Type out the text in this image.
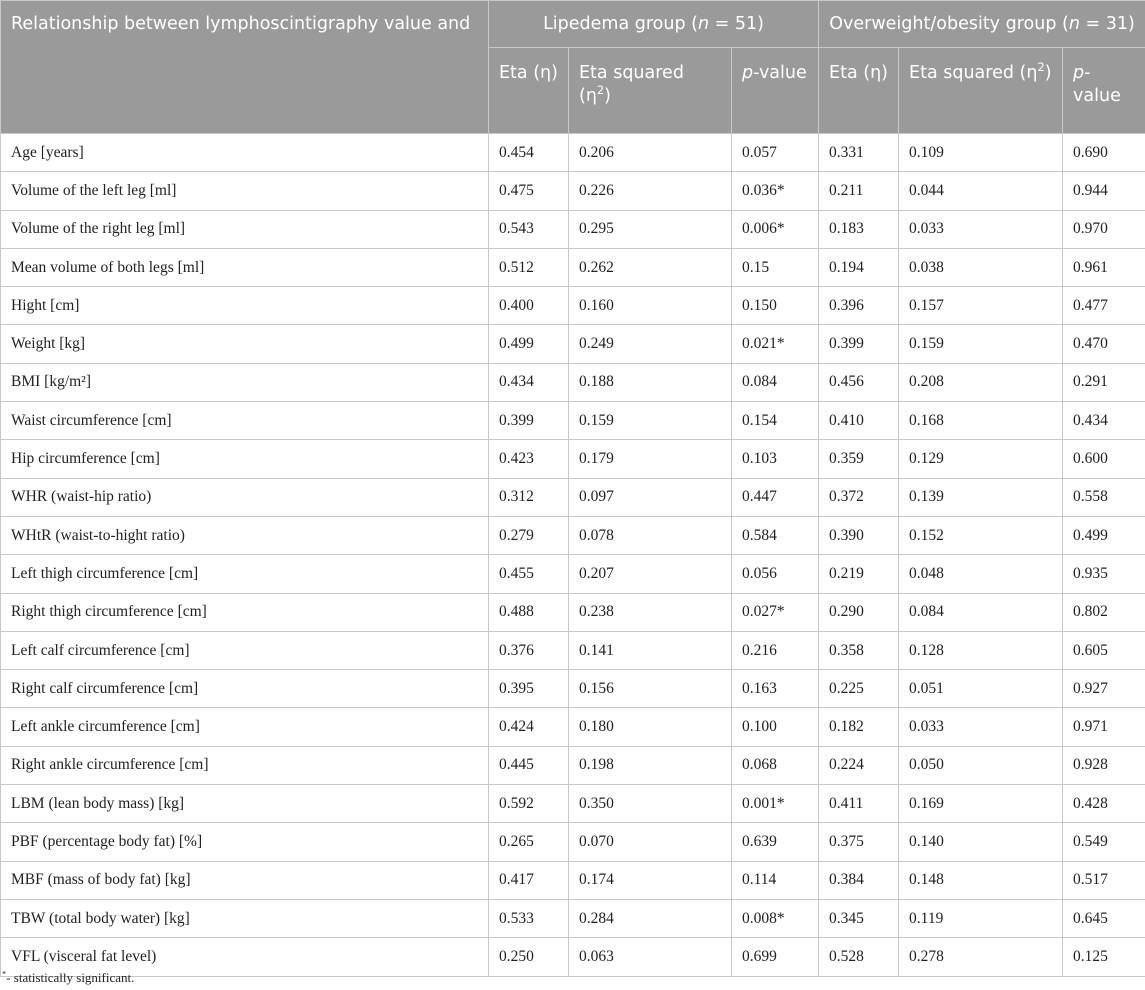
Relationship between lymphoscintigraphy value and	Lipedema group (n = 51)			Overweight/obesity group (n = 31)		
	Eta (η)	Eta squared $(\eta^2)$	p-value	Eta (η)	Eta squared $(\eta^2)$	p-
value
Age [years]	0.454	0.206	0.057	0.331	0.109	0.690
Volume of the left leg [ml]	0.475	0.226	0.036*	0.211	0.044	0.944
Volume of the right leg [ml]	0.543	0.295	0.006*	0.183	0.033	0.970
Mean volume of both legs [ml]	0.512	0.262	0.15	0.194	0.038	0.961
Hight [cm]	0.400	0.160	0.150	0.396	0.157	0.477
Weight [kg]	0.499	0.249	0.021*	0.399	0.159	0.470
BMI [kg/m²]	0.434	0.188	0.084	0.456	0.208	0.291
Waist circumference [cm]	0.399	0.159	0.154	0.410	0.168	0.434
Hip circumference [cm]	0.423	0.179	0.103	0.359	0.129	0.600
WHR (waist-hip ratio)	0.312	0.097	0.447	0.372	0.139	0.558
WHtR (waist-to-hight ratio)	0.279	0.078	0.584	0.390	0.152	0.499
Left thigh circumference [cm]	0.455	0.207	0.056	0.219	0.048	0.935
Right thigh circumference [cm]	0.488	0.238	0.027*	0.290	0.084	0.802
Left calf circumference [cm]	0.376	0.141	0.216	0.358	0.128	0.605
Right calf circumference [cm]	0.395	0.156	0.163	0.225	0.051	0.927
Left ankle circumference [cm]	0.424	0.180	0.100	0.182	0.033	0.971
Right ankle circumference [cm]	0.445	0.198	0.068	0.224	0.050	0.928
LBM (lean body mass) [kg]	0.592	0.350	0.001*	0.411	0.169	0.428
PBF (percentage body fat) [%]	0.265	0.070	0.639	0.375	0.140	0.549
MBF (mass of body fat) [kg]	0.417	0.174	0.114	0.384	0.148	0.517
TBW (total body water) [kg]	0.533	0.284	0.008*	0.345	0.119	0.645
VFL (visceral fat level)	0.250	0.063	0.699	0.528	0.278	0.125
*- statistically significant.
